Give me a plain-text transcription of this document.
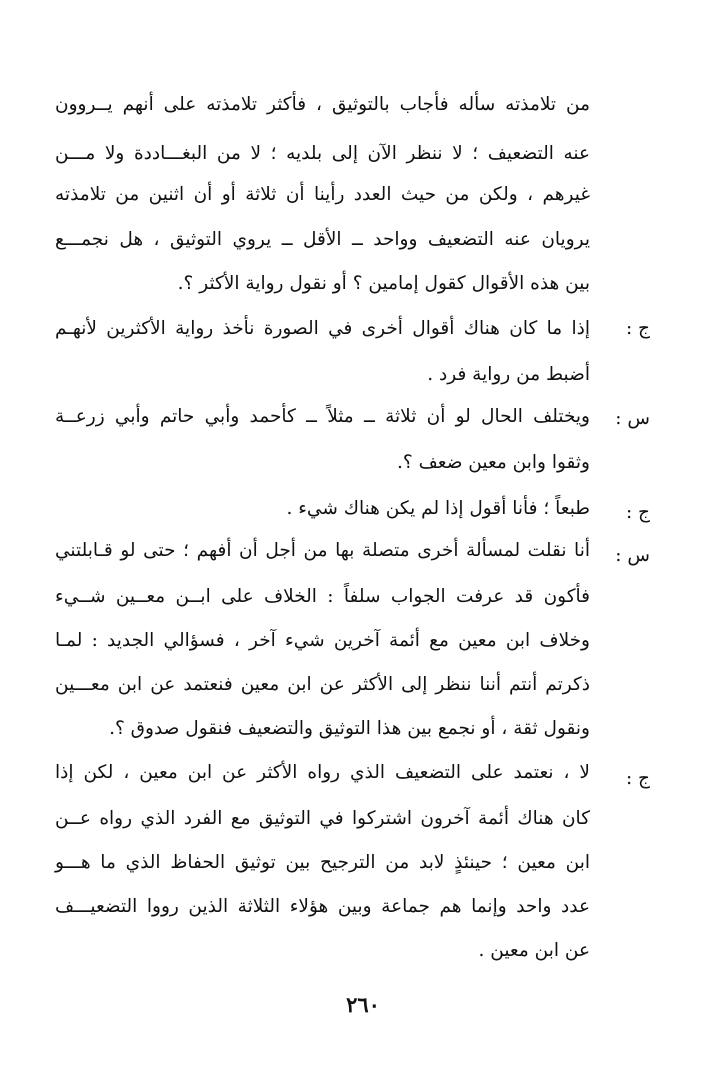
من تلامذته سأله فأجاب بالتوثيق ، فأكثر تلامذته على أنهم يــروون
عنه التضعيف ؛ لا ننظر الآن إلى بلديه ؛ لا من البغـــاددة ولا مـــن
غيرهم ، ولكن من حيث العدد رأينا أن ثلاثة أو أن اثنين من تلامذته
يرويان عنه التضعيف وواحد ــ الأقل ــ يروي التوثيق ، هل نجمـــع
بين هذه الأقوال كقول إمامين ؟ أو نقول رواية الأكثر ؟.
ج :
إذا ما كان هناك أقوال أخرى في الصورة نأخذ رواية الأكثرين لأنهـم
أضبط من رواية فرد .
س :
ويختلف الحال لو أن ثلاثة ــ مثلاً ــ كأحمد وأبي حاتم وأبي زرعــة
وثقوا وابن معين ضعف ؟.
ج :
طبعاً ؛ فأنا أقول إذا لم يكن هناك شيء .
س :
أنا نقلت لمسألة أخرى متصلة بها من أجل أن أفهم ؛ حتى لو قـابلتني
فأكون قد عرفت الجواب سلفاً : الخلاف على ابــن معــين شــيء
وخلاف ابن معين مع أئمة آخرين شيء آخر ، فسؤالي الجديد : لمـا
ذكرتم أنتم أننا ننظر إلى الأكثر عن ابن معين فنعتمد عن ابن معـــين
ونقول ثقة ، أو نجمع بين هذا التوثيق والتضعيف فنقول صدوق ؟.
ج :
لا ، نعتمد على التضعيف الذي رواه الأكثر عن ابن معين ، لكن إذا
كان هناك أئمة آخرون اشتركوا في التوثيق مع الفرد الذي رواه عــن
ابن معين ؛ حينئذٍ لابد من الترجيح بين توثيق الحفاظ الذي ما هـــو
عدد واحد وإنما هم جماعة وبين هؤلاء الثلاثة الذين رووا التضعيـــف
عن ابن معين .
٢٦٠
